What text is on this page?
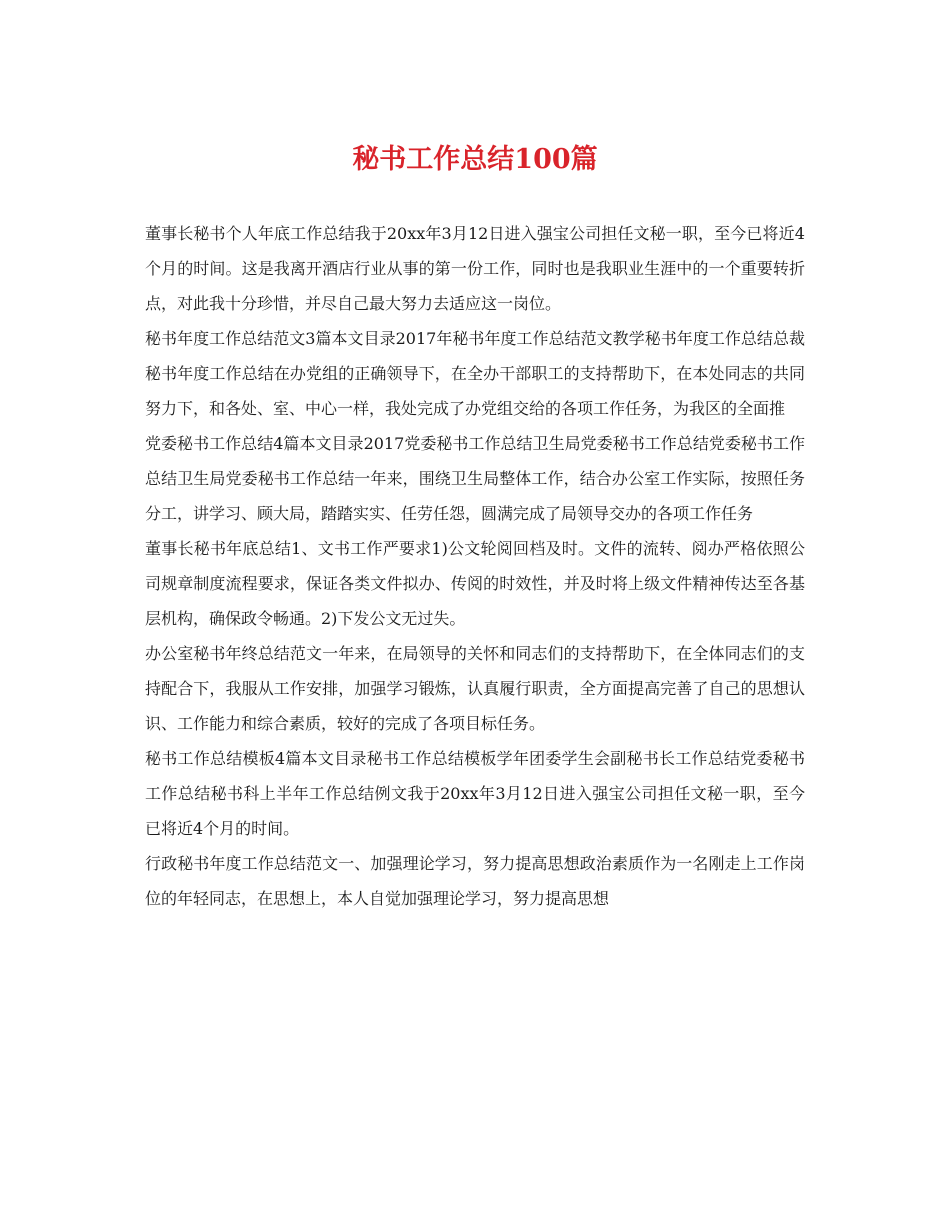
秘书工作总结100篇

董事长秘书个人年底工作总结我于20xx年3月12日进入强宝公司担任文秘一职，至今已将近4个月的时间。这是我离开酒店行业从事的第一份工作，同时也是我职业生涯中的一个重要转折点，对此我十分珍惜，并尽自己最大努力去适应这一岗位。

秘书年度工作总结范文3篇本文目录2017年秘书年度工作总结范文教学秘书年度工作总结总裁秘书年度工作总结在办党组的正确领导下，在全办干部职工的支持帮助下，在本处同志的共同努力下，和各处、室、中心一样，我处完成了办党组交给的各项工作任务，为我区的全面推

党委秘书工作总结4篇本文目录2017党委秘书工作总结卫生局党委秘书工作总结党委秘书工作总结卫生局党委秘书工作总结一年来，围绕卫生局整体工作，结合办公室工作实际，按照任务分工，讲学习、顾大局，踏踏实实、任劳任怨，圆满完成了局领导交办的各项工作任务

董事长秘书年底总结1、文书工作严要求1)公文轮阅回档及时。文件的流转、阅办严格依照公司规章制度流程要求，保证各类文件拟办、传阅的时效性，并及时将上级文件精神传达至各基层机构，确保政令畅通。2)下发公文无过失。

办公室秘书年终总结范文一年来，在局领导的关怀和同志们的支持帮助下，在全体同志们的支持配合下，我服从工作安排，加强学习锻炼，认真履行职责，全方面提高完善了自己的思想认识、工作能力和综合素质，较好的完成了各项目标任务。

秘书工作总结模板4篇本文目录秘书工作总结模板学年团委学生会副秘书长工作总结党委秘书工作总结秘书科上半年工作总结例文我于20xx年3月12日进入强宝公司担任文秘一职，至今已将近4个月的时间。

行政秘书年度工作总结范文一、加强理论学习，努力提高思想政治素质作为一名刚走上工作岗位的年轻同志，在思想上，本人自觉加强理论学习，努力提高思想
